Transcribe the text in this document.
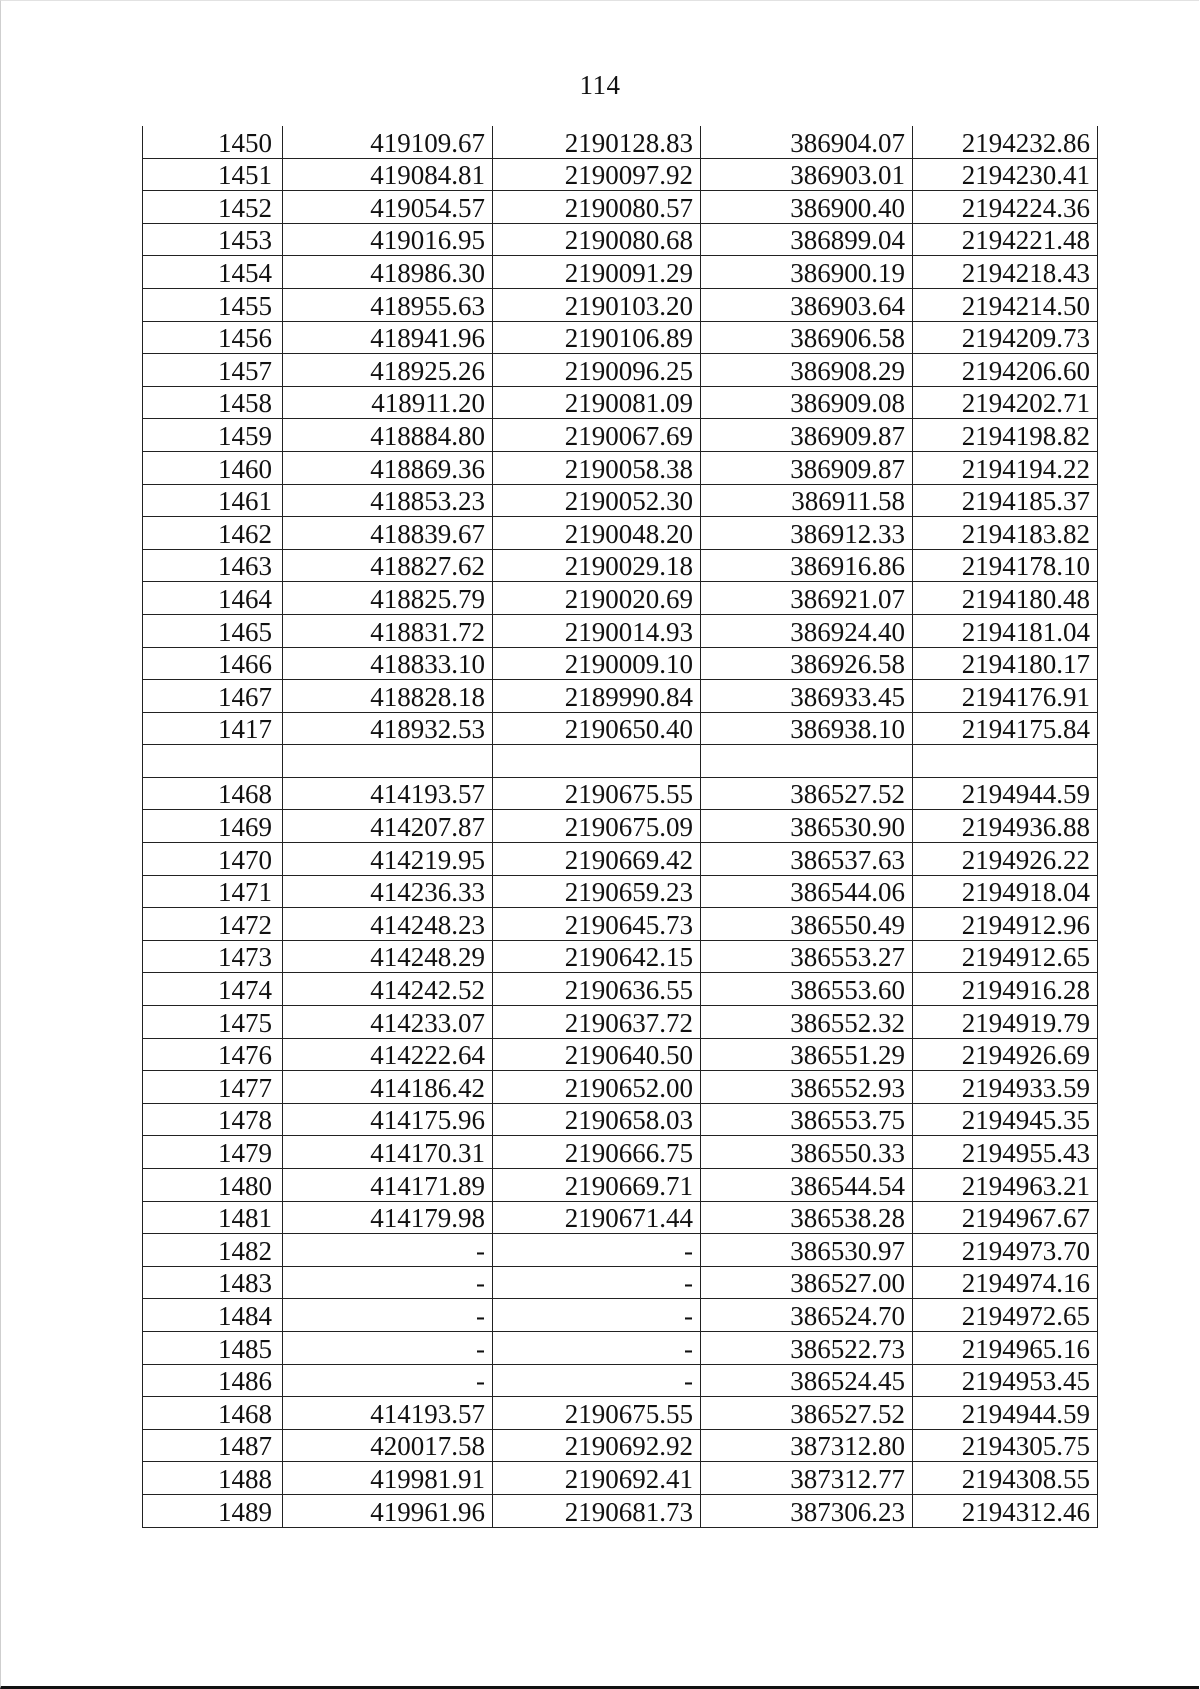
114
1450	419109.67	2190128.83	386904.07	2194232.86
1451	419084.81	2190097.92	386903.01	2194230.41
1452	419054.57	2190080.57	386900.40	2194224.36
1453	419016.95	2190080.68	386899.04	2194221.48
1454	418986.30	2190091.29	386900.19	2194218.43
1455	418955.63	2190103.20	386903.64	2194214.50
1456	418941.96	2190106.89	386906.58	2194209.73
1457	418925.26	2190096.25	386908.29	2194206.60
1458	418911.20	2190081.09	386909.08	2194202.71
1459	418884.80	2190067.69	386909.87	2194198.82
1460	418869.36	2190058.38	386909.87	2194194.22
1461	418853.23	2190052.30	386911.58	2194185.37
1462	418839.67	2190048.20	386912.33	2194183.82
1463	418827.62	2190029.18	386916.86	2194178.10
1464	418825.79	2190020.69	386921.07	2194180.48
1465	418831.72	2190014.93	386924.40	2194181.04
1466	418833.10	2190009.10	386926.58	2194180.17
1467	418828.18	2189990.84	386933.45	2194176.91
1417	418932.53	2190650.40	386938.10	2194175.84

1468	414193.57	2190675.55	386527.52	2194944.59
1469	414207.87	2190675.09	386530.90	2194936.88
1470	414219.95	2190669.42	386537.63	2194926.22
1471	414236.33	2190659.23	386544.06	2194918.04
1472	414248.23	2190645.73	386550.49	2194912.96
1473	414248.29	2190642.15	386553.27	2194912.65
1474	414242.52	2190636.55	386553.60	2194916.28
1475	414233.07	2190637.72	386552.32	2194919.79
1476	414222.64	2190640.50	386551.29	2194926.69
1477	414186.42	2190652.00	386552.93	2194933.59
1478	414175.96	2190658.03	386553.75	2194945.35
1479	414170.31	2190666.75	386550.33	2194955.43
1480	414171.89	2190669.71	386544.54	2194963.21
1481	414179.98	2190671.44	386538.28	2194967.67
1482	-	-	386530.97	2194973.70
1483	-	-	386527.00	2194974.16
1484	-	-	386524.70	2194972.65
1485	-	-	386522.73	2194965.16
1486	-	-	386524.45	2194953.45
1468	414193.57	2190675.55	386527.52	2194944.59
1487	420017.58	2190692.92	387312.80	2194305.75
1488	419981.91	2190692.41	387312.77	2194308.55
1489	419961.96	2190681.73	387306.23	2194312.46
